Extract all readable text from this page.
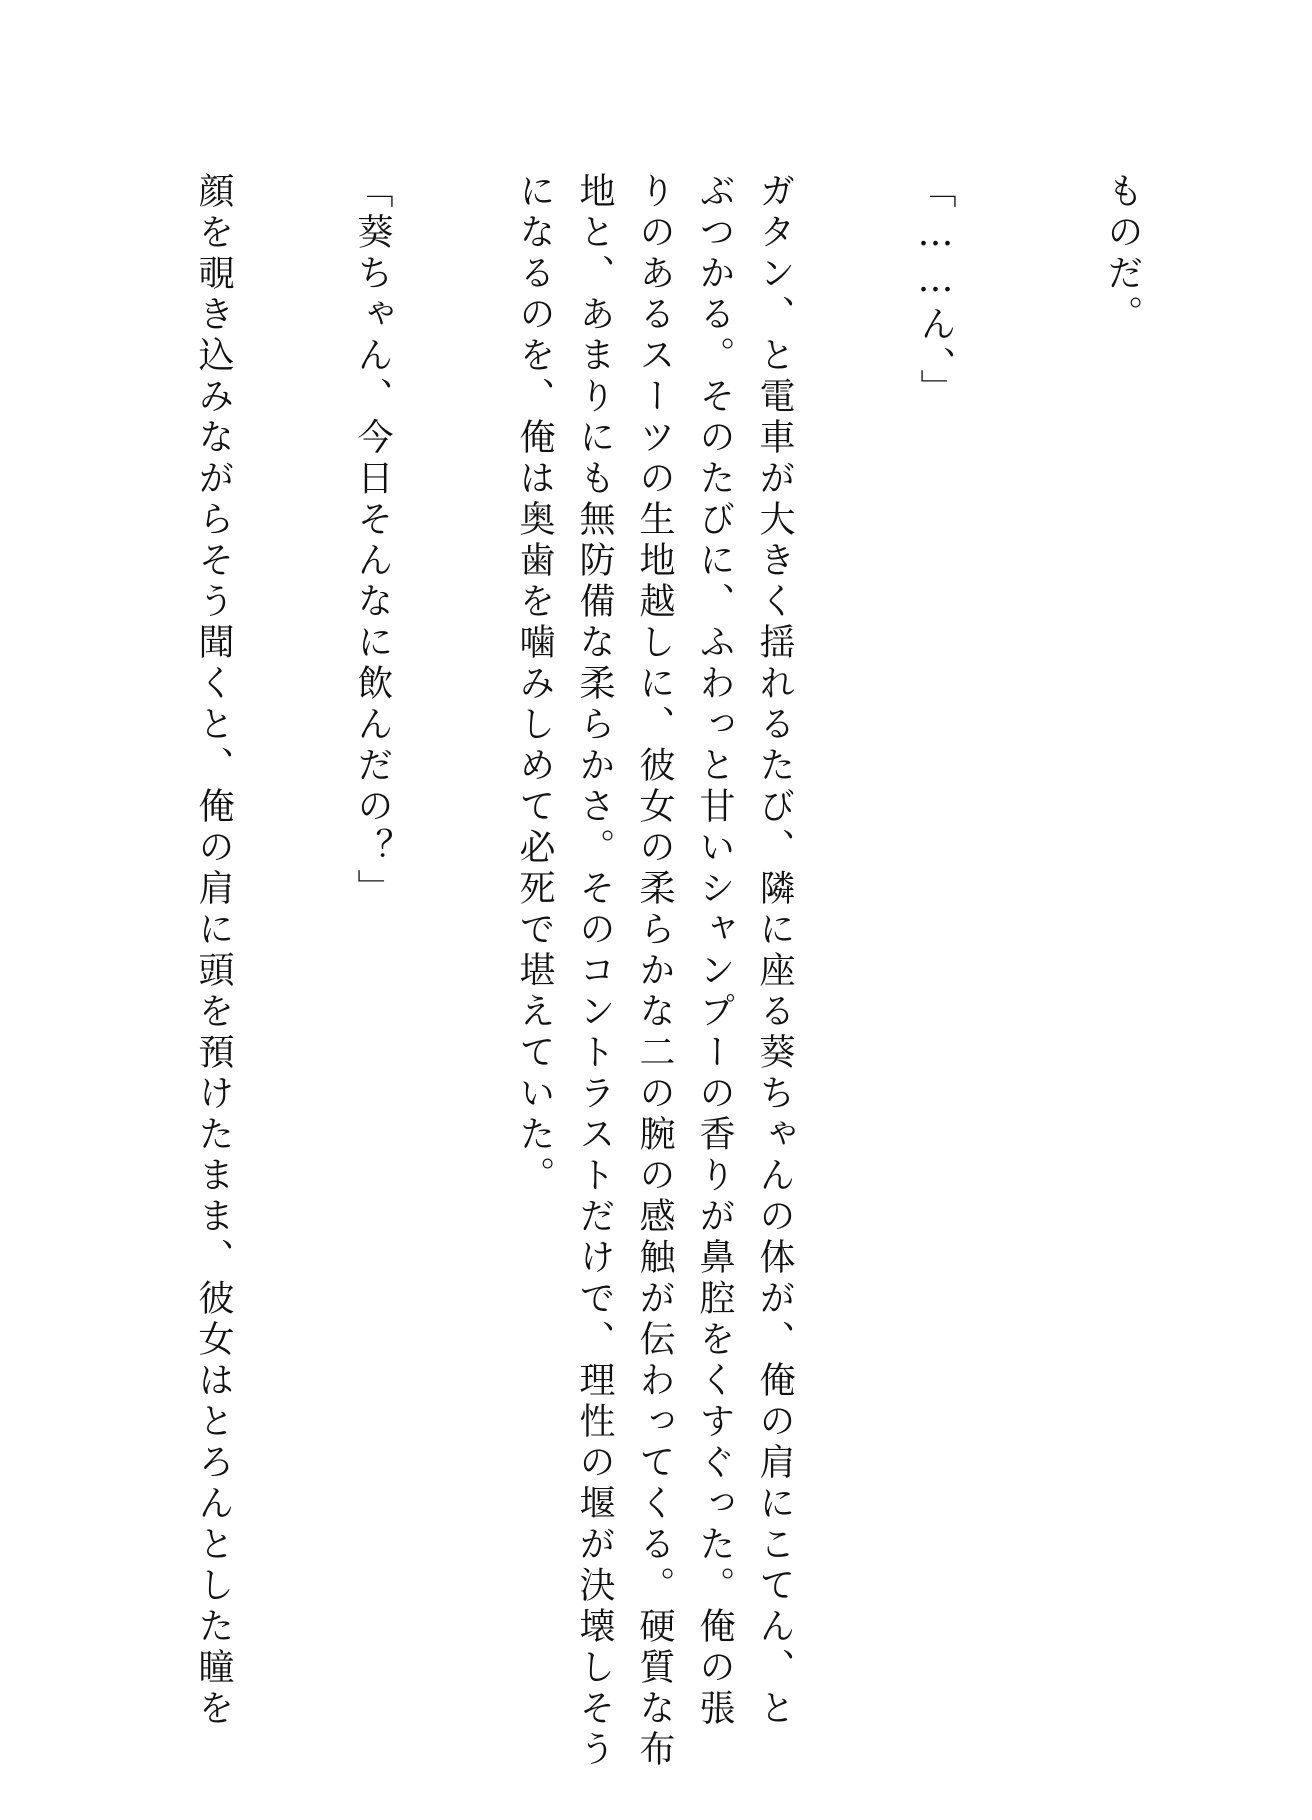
ものだ。

「……ん、」

ガタン、と電車が大きく揺れるたび、隣に座る葵ちゃんの体が、俺の肩にこてん、と

ぶつかる。そのたびに、ふわっと甘いシャンプーの香りが鼻腔をくすぐった。俺の張

りのあるスーツの生地越しに、彼女の柔らかな二の腕の感触が伝わってくる。硬質な布

地と、あまりにも無防備な柔らかさ。そのコントラストだけで、理性の堰が決壊しそう

になるのを、俺は奥歯を噛みしめて必死で堪えていた。

「葵ちゃん、今日そんなに飲んだの？」

顔を覗き込みながらそう聞くと、俺の肩に頭を預けたまま、彼女はとろんとした瞳を
